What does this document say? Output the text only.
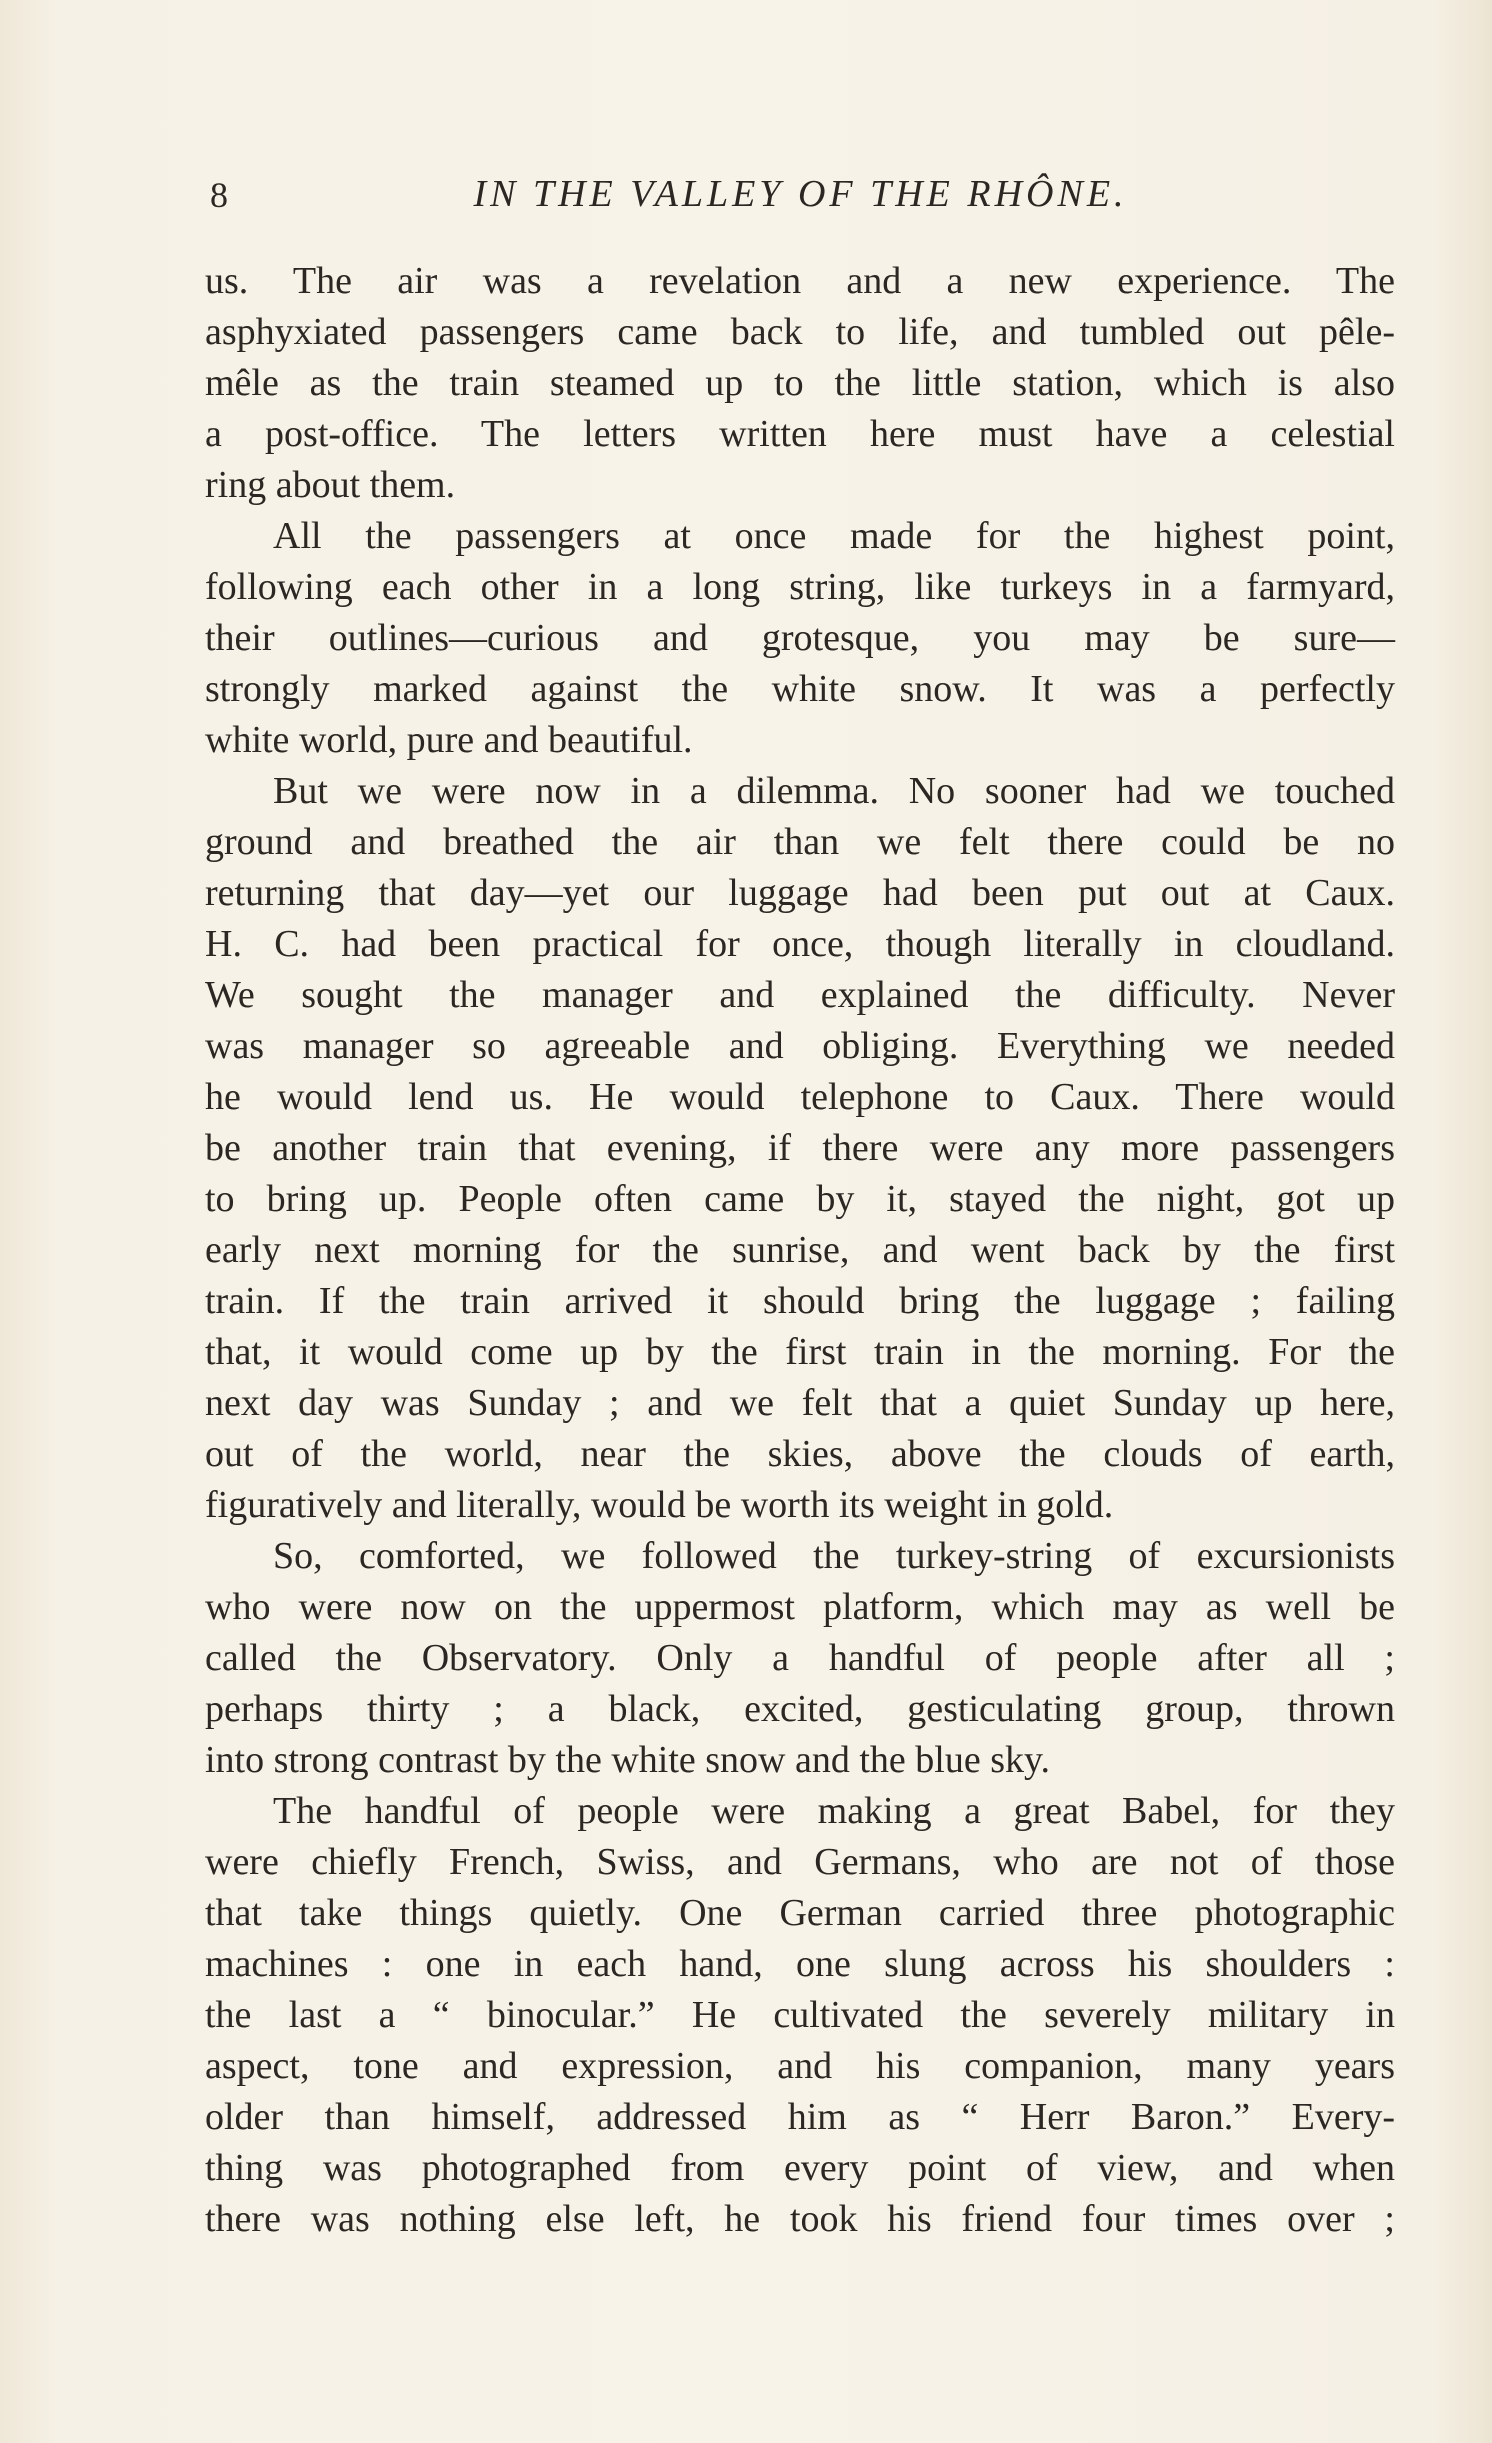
8	IN THE VALLEY OF THE RHÔNE.
us. The air was a revelation and a new experience. The
asphyxiated passengers came back to life, and tumbled out pêle-
mêle as the train steamed up to the little station, which is also
a post-office. The letters written here must have a celestial
ring about them.
All the passengers at once made for the highest point,
following each other in a long string, like turkeys in a farmyard,
their outlines—curious and grotesque, you may be sure—
strongly marked against the white snow. It was a perfectly
white world, pure and beautiful.
But we were now in a dilemma. No sooner had we touched
ground and breathed the air than we felt there could be no
returning that day—yet our luggage had been put out at Caux.
H. C. had been practical for once, though literally in cloudland.
We sought the manager and explained the difficulty. Never
was manager so agreeable and obliging. Everything we needed
he would lend us. He would telephone to Caux. There would
be another train that evening, if there were any more passengers
to bring up. People often came by it, stayed the night, got up
early next morning for the sunrise, and went back by the first
train. If the train arrived it should bring the luggage ; failing
that, it would come up by the first train in the morning. For the
next day was Sunday ; and we felt that a quiet Sunday up here,
out of the world, near the skies, above the clouds of earth,
figuratively and literally, would be worth its weight in gold.
So, comforted, we followed the turkey-string of excursionists
who were now on the uppermost platform, which may as well be
called the Observatory. Only a handful of people after all ;
perhaps thirty ; a black, excited, gesticulating group, thrown
into strong contrast by the white snow and the blue sky.
The handful of people were making a great Babel, for they
were chiefly French, Swiss, and Germans, who are not of those
that take things quietly. One German carried three photographic
machines : one in each hand, one slung across his shoulders :
the last a “ binocular.” He cultivated the severely military in
aspect, tone and expression, and his companion, many years
older than himself, addressed him as “ Herr Baron.” Every-
thing was photographed from every point of view, and when
there was nothing else left, he took his friend four times over ;
